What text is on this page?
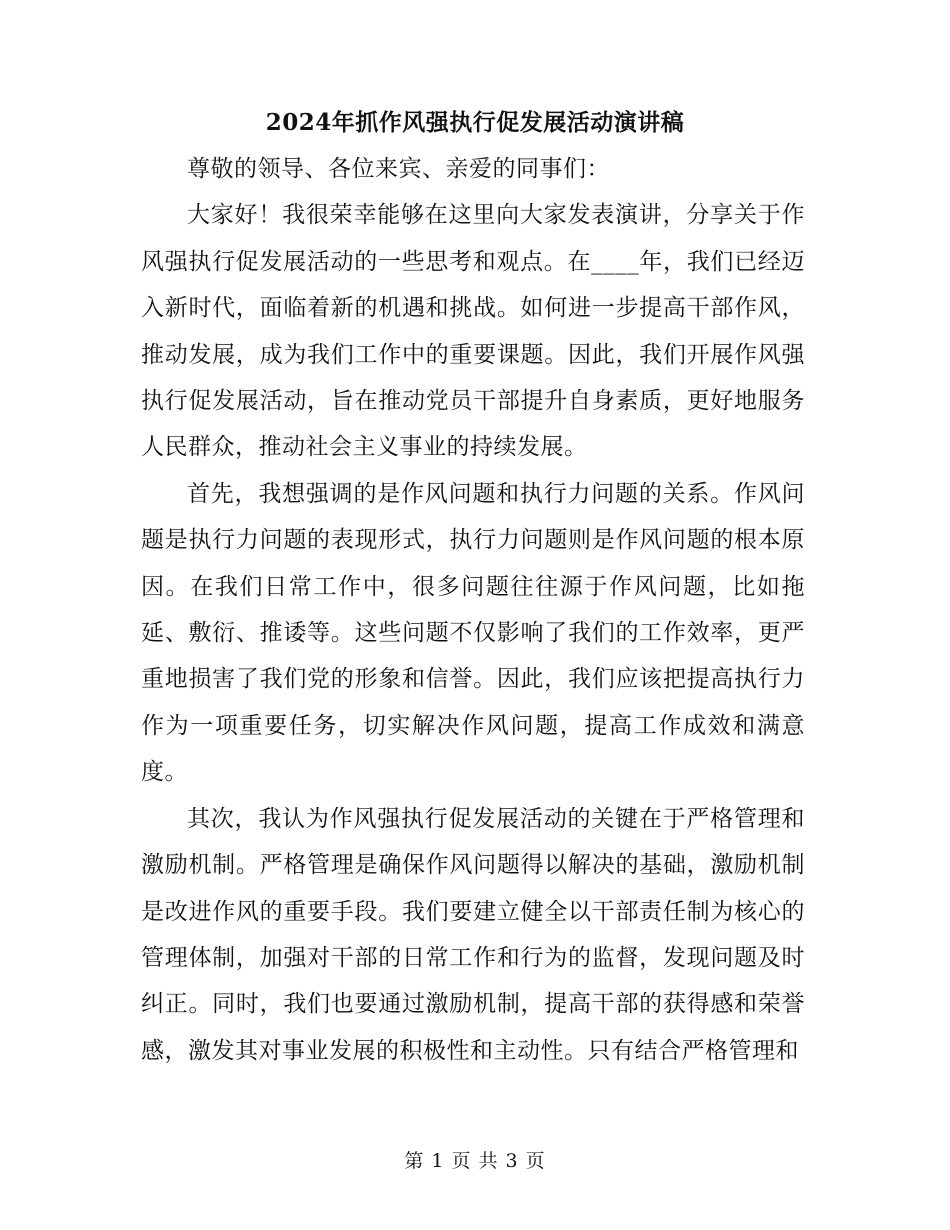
2024年抓作风强执行促发展活动演讲稿

尊敬的领导、各位来宾、亲爱的同事们：

大家好！我很荣幸能够在这里向大家发表演讲，分享关于作风强执行促发展活动的一些思考和观点。在____年，我们已经迈入新时代，面临着新的机遇和挑战。如何进一步提高干部作风，推动发展，成为我们工作中的重要课题。因此，我们开展作风强执行促发展活动，旨在推动党员干部提升自身素质，更好地服务人民群众，推动社会主义事业的持续发展。

首先，我想强调的是作风问题和执行力问题的关系。作风问题是执行力问题的表现形式，执行力问题则是作风问题的根本原因。在我们日常工作中，很多问题往往源于作风问题，比如拖延、敷衍、推诿等。这些问题不仅影响了我们的工作效率，更严重地损害了我们党的形象和信誉。因此，我们应该把提高执行力作为一项重要任务，切实解决作风问题，提高工作成效和满意度。

其次，我认为作风强执行促发展活动的关键在于严格管理和激励机制。严格管理是确保作风问题得以解决的基础，激励机制是改进作风的重要手段。我们要建立健全以干部责任制为核心的管理体制，加强对干部的日常工作和行为的监督，发现问题及时纠正。同时，我们也要通过激励机制，提高干部的获得感和荣誉感，激发其对事业发展的积极性和主动性。只有结合严格管理和

第 1 页 共 3 页
